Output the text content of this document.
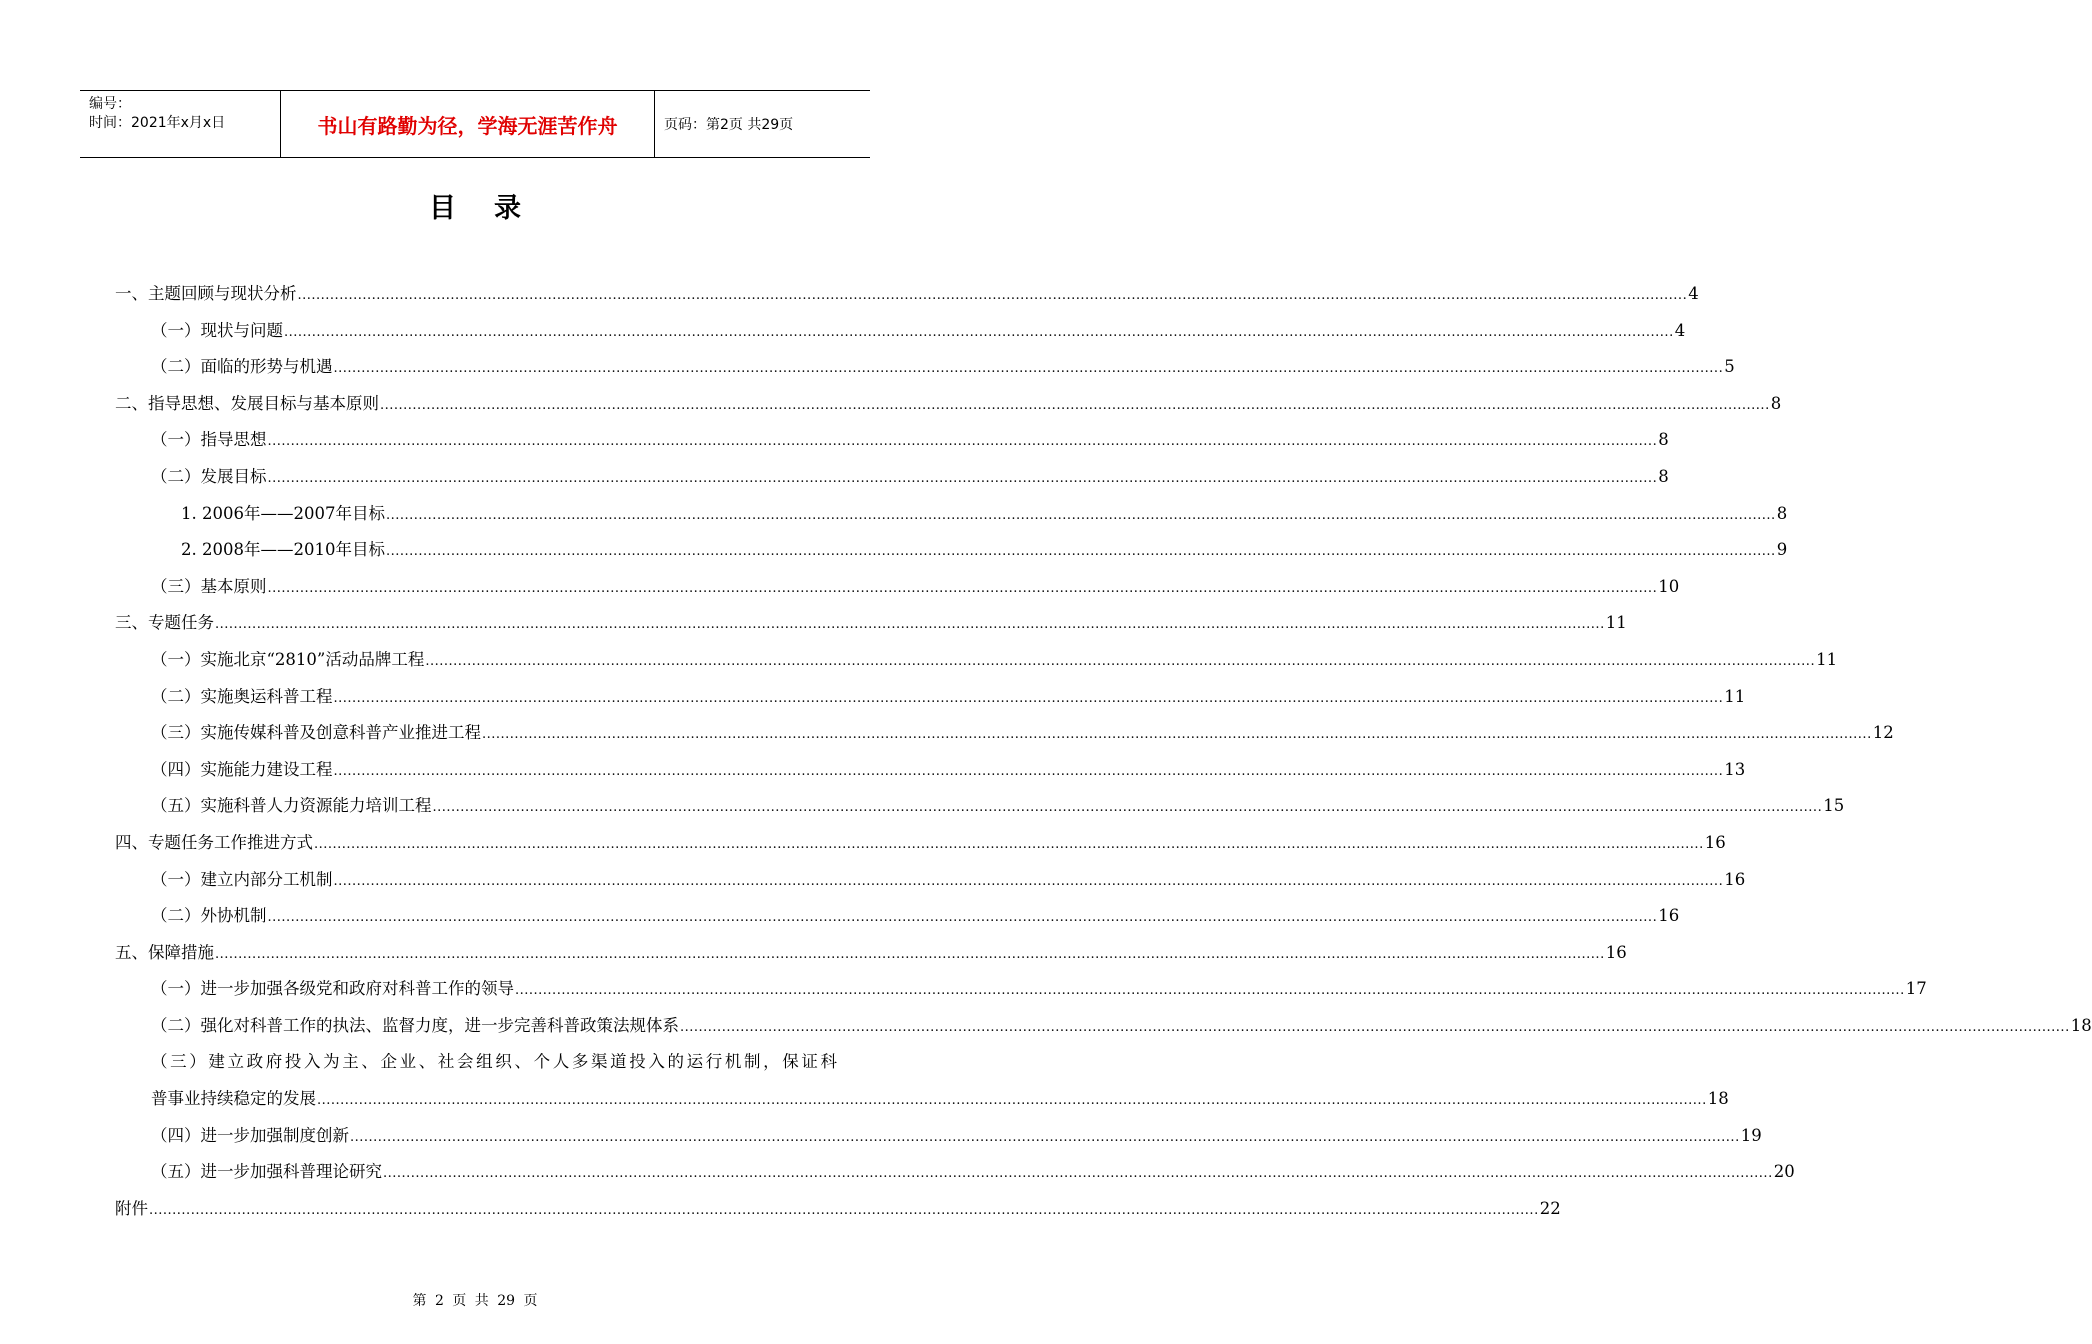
编号：
时间：2021年x月x日	书山有路勤为径，学海无涯苦作舟	页码：第2页 共29页
目录
一、主题回顾与现状分析 ............................................................................................................................................................................................................................................................................................................ 4
（一）现状与问题 ............................................................................................................................................................................................................................................................................................................ 4
（二）面临的形势与机遇 ............................................................................................................................................................................................................................................................................................................ 5
二、指导思想、发展目标与基本原则 ............................................................................................................................................................................................................................................................................................................ 8
（一）指导思想 ............................................................................................................................................................................................................................................................................................................ 8
（二）发展目标 ............................................................................................................................................................................................................................................................................................................ 8
1. 2006年——2007年目标 ............................................................................................................................................................................................................................................................................................................ 8
2. 2008年——2010年目标 ............................................................................................................................................................................................................................................................................................................ 9
（三）基本原则 ............................................................................................................................................................................................................................................................................................................ 10
三、专题任务 ............................................................................................................................................................................................................................................................................................................ 11
（一）实施北京“2810”活动品牌工程 ............................................................................................................................................................................................................................................................................................................ 11
（二）实施奥运科普工程 ............................................................................................................................................................................................................................................................................................................ 11
（三）实施传媒科普及创意科普产业推进工程 ............................................................................................................................................................................................................................................................................................................ 12
（四）实施能力建设工程 ............................................................................................................................................................................................................................................................................................................ 13
（五）实施科普人力资源能力培训工程 ............................................................................................................................................................................................................................................................................................................ 15
四、专题任务工作推进方式 ............................................................................................................................................................................................................................................................................................................ 16
（一）建立内部分工机制 ............................................................................................................................................................................................................................................................................................................ 16
（二）外协机制 ............................................................................................................................................................................................................................................................................................................ 16
五、保障措施 ............................................................................................................................................................................................................................................................................................................ 16
（一）进一步加强各级党和政府对科普工作的领导 ............................................................................................................................................................................................................................................................................................................ 17
（二）强化对科普工作的执法、监督力度，进一步完善科普政策法规体系 ............................................................................................................................................................................................................................................................................................................ 18
（三）建立政府投入为主、企业、社会组织、个人多渠道投入的运行机制，保证科
普事业持续稳定的发展 ............................................................................................................................................................................................................................................................................................................ 18
（四）进一步加强制度创新 ............................................................................................................................................................................................................................................................................................................ 19
（五）进一步加强科普理论研究 ............................................................................................................................................................................................................................................................................................................ 20
附件 ............................................................................................................................................................................................................................................................................................................ 22
第 2 页 共 29 页
